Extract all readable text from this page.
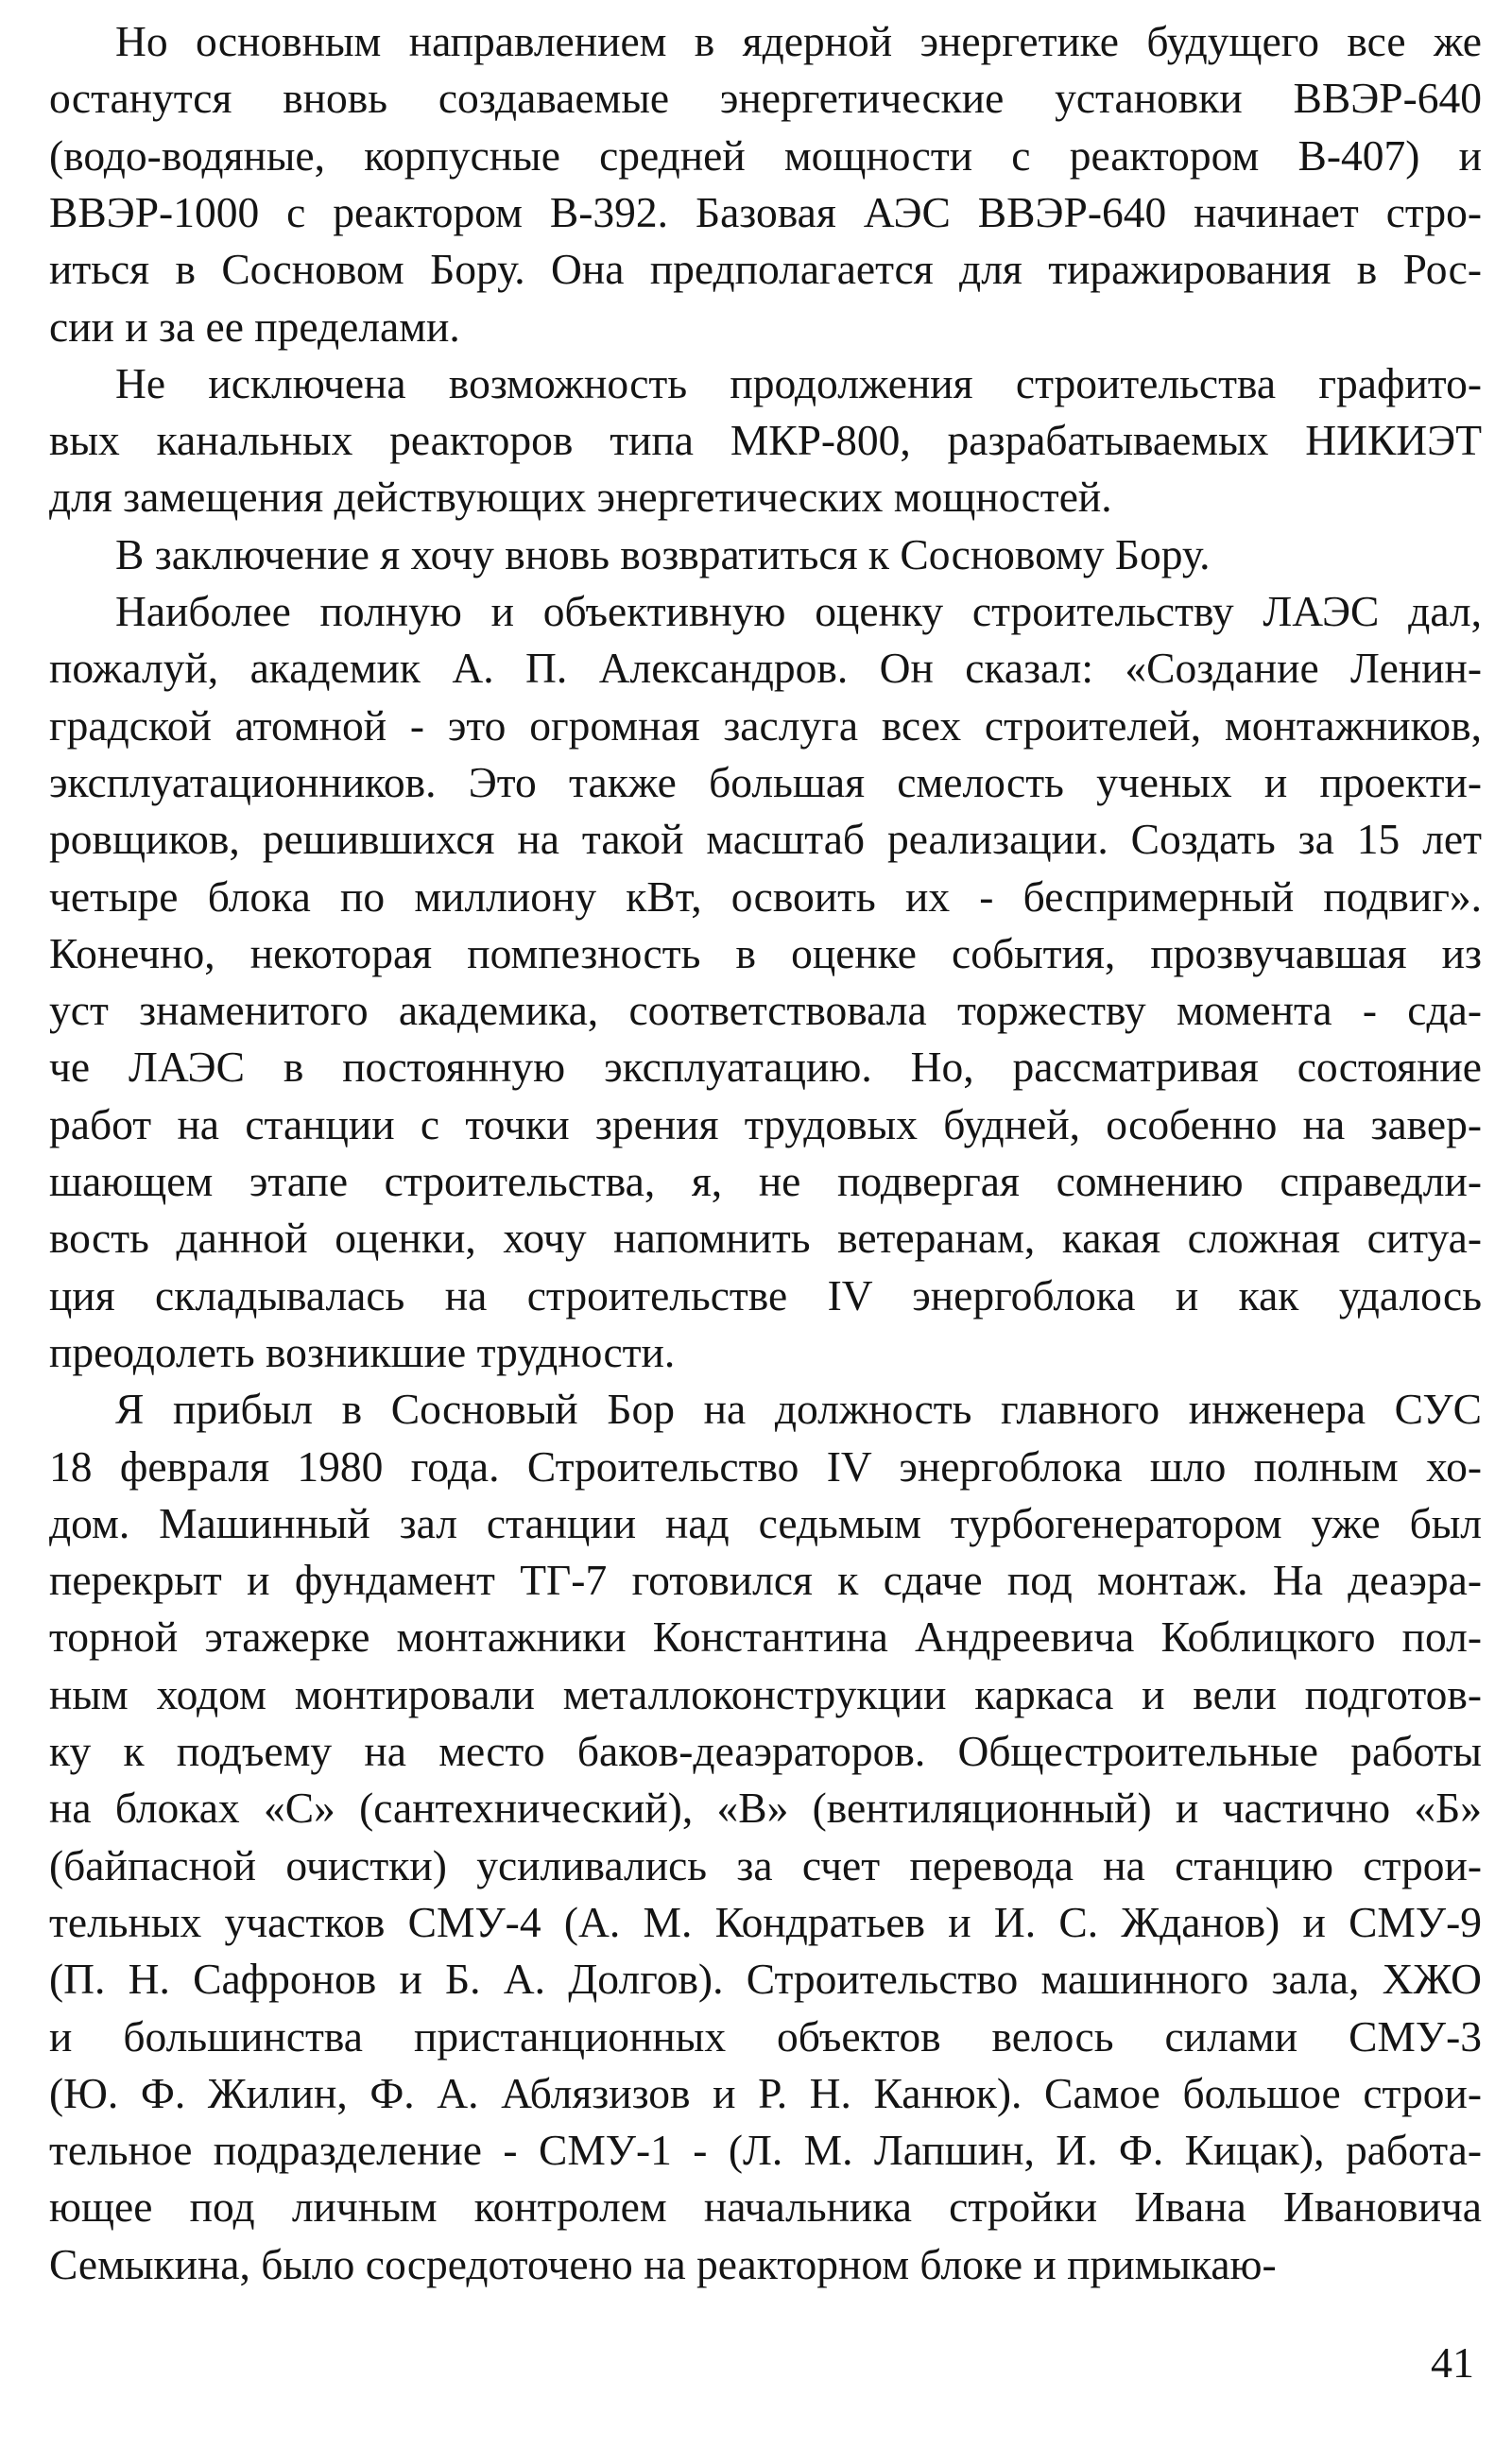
Но основным направлением в ядерной энергетике будущего все же
останутся вновь создаваемые энергетические установки ВВЭР-640
(водо-водяные, корпусные средней мощности с реактором В-407) и
ВВЭР-1000 с реактором В-392. Базовая АЭС ВВЭР-640 начинает стро-
иться в Сосновом Бору. Она предполагается для тиражирования в Рос-
сии и за ее пределами.
Не исключена возможность продолжения строительства графито-
вых канальных реакторов типа МКР-800, разрабатываемых НИКИЭТ
для замещения действующих энергетических мощностей.
В заключение я хочу вновь возвратиться к Сосновому Бору.
Наиболее полную и объективную оценку строительству ЛАЭС дал,
пожалуй, академик А. П. Александров. Он сказал: «Создание Ленин-
градской атомной - это огромная заслуга всех строителей, монтажников,
эксплуатационников. Это также большая смелость ученых и проекти-
ровщиков, решившихся на такой масштаб реализации. Создать за 15 лет
четыре блока по миллиону кВт, освоить их - беспримерный подвиг».
Конечно, некоторая помпезность в оценке события, прозвучавшая из
уст знаменитого академика, соответствовала торжеству момента - сда-
че ЛАЭС в постоянную эксплуатацию. Но, рассматривая состояние
работ на станции с точки зрения трудовых будней, особенно на завер-
шающем этапе строительства, я, не подвергая сомнению справедли-
вость данной оценки, хочу напомнить ветеранам, какая сложная ситуа-
ция складывалась на строительстве IV энергоблока и как удалось
преодолеть возникшие трудности.
Я прибыл в Сосновый Бор на должность главного инженера СУС
18 февраля 1980 года. Строительство IV энергоблока шло полным хо-
дом. Машинный зал станции над седьмым турбогенератором уже был
перекрыт и фундамент ТГ-7 готовился к сдаче под монтаж. На деаэра-
торной этажерке монтажники Константина Андреевича Коблицкого пол-
ным ходом монтировали металлоконструкции каркаса и вели подготов-
ку к подъему на место баков-деаэраторов. Общестроительные работы
на блоках «С» (сантехнический), «В» (вентиляционный) и частично «Б»
(байпасной очистки) усиливались за счет перевода на станцию строи-
тельных участков СМУ-4 (А. М. Кондратьев и И. С. Жданов) и СМУ-9
(П. Н. Сафронов и Б. А. Долгов). Строительство машинного зала, ХЖО
и большинства пристанционных объектов велось силами СМУ-3
(Ю. Ф. Жилин, Ф. А. Аблязизов и Р. Н. Канюк). Самое большое строи-
тельное подразделение - СМУ-1 - (Л. М. Лапшин, И. Ф. Кицак), работа-
ющее под личным контролем начальника стройки Ивана Ивановича
Семыкина, было сосредоточено на реакторном блоке и примыкаю-
41
